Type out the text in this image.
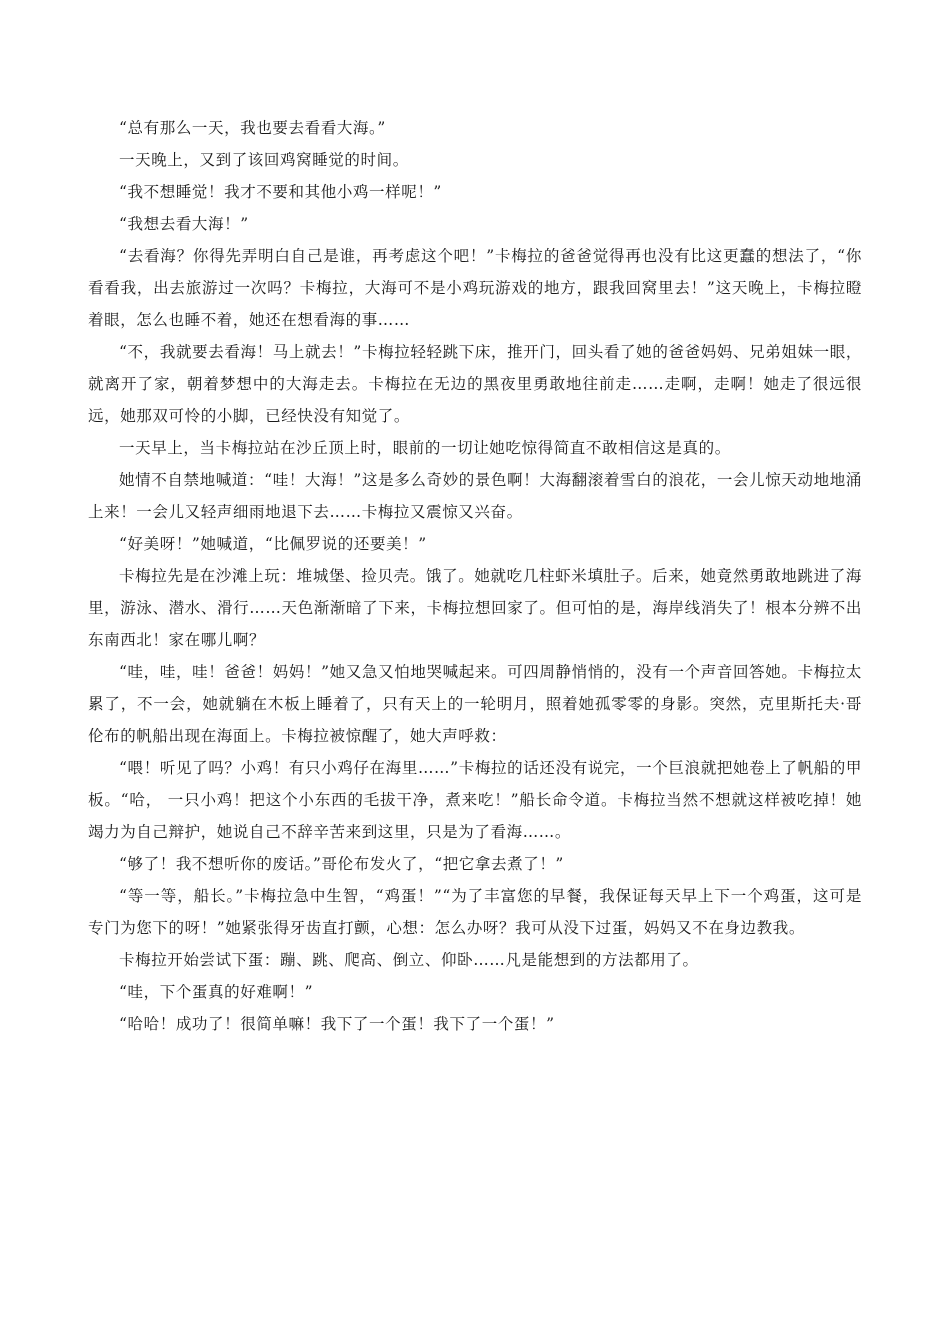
“总有那么一天，我也要去看看大海。”

一天晚上，又到了该回鸡窝睡觉的时间。

“我不想睡觉！我才不要和其他小鸡一样呢！”

“我想去看大海！”

“去看海？你得先弄明白自己是谁，再考虑这个吧！”卡梅拉的爸爸觉得再也没有比这更蠢的想法了，“你看看我，出去旅游过一次吗？卡梅拉，大海可不是小鸡玩游戏的地方，跟我回窝里去！”这天晚上，卡梅拉瞪着眼，怎么也睡不着，她还在想看海的事……

“不，我就要去看海！马上就去！”卡梅拉轻轻跳下床，推开门，回头看了她的爸爸妈妈、兄弟姐妹一眼，就离开了家，朝着梦想中的大海走去。卡梅拉在无边的黑夜里勇敢地往前走……走啊，走啊！她走了很远很远，她那双可怜的小脚，已经快没有知觉了。

一天早上，当卡梅拉站在沙丘顶上时，眼前的一切让她吃惊得简直不敢相信这是真的。

她情不自禁地喊道：“哇！大海！”这是多么奇妙的景色啊！大海翻滚着雪白的浪花，一会儿惊天动地地涌上来！一会儿又轻声细雨地退下去……卡梅拉又震惊又兴奋。

“好美呀！”她喊道，“比佩罗说的还要美！”

卡梅拉先是在沙滩上玩：堆城堡、捡贝壳。饿了。她就吃几柱虾米填肚子。后来，她竟然勇敢地跳进了海里，游泳、潜水、滑行……天色渐渐暗了下来，卡梅拉想回家了。但可怕的是，海岸线消失了！根本分辨不出东南西北！家在哪儿啊？

“哇，哇，哇！爸爸！妈妈！”她又急又怕地哭喊起来。可四周静悄悄的，没有一个声音回答她。卡梅拉太累了，不一会，她就躺在木板上睡着了，只有天上的一轮明月，照着她孤零零的身影。突然，克里斯托夫·哥伦布的帆船出现在海面上。卡梅拉被惊醒了，她大声呼救：

“喂！听见了吗？小鸡！有只小鸡仔在海里……”卡梅拉的话还没有说完，一个巨浪就把她卷上了帆船的甲板。“哈， 一只小鸡！把这个小东西的毛拔干净，煮来吃！”船长命令道。卡梅拉当然不想就这样被吃掉！她竭力为自己辩护，她说自己不辞辛苦来到这里，只是为了看海……。

“够了！我不想听你的废话。”哥伦布发火了，“把它拿去煮了！”

“等一等，船长。”卡梅拉急中生智，“鸡蛋！”“为了丰富您的早餐，我保证每天早上下一个鸡蛋，这可是专门为您下的呀！”她紧张得牙齿直打颤，心想：怎么办呀？我可从没下过蛋，妈妈又不在身边教我。

卡梅拉开始尝试下蛋：蹦、跳、爬高、倒立、仰卧……凡是能想到的方法都用了。

“哇，下个蛋真的好难啊！”

“哈哈！成功了！很简单嘛！我下了一个蛋！我下了一个蛋！”
